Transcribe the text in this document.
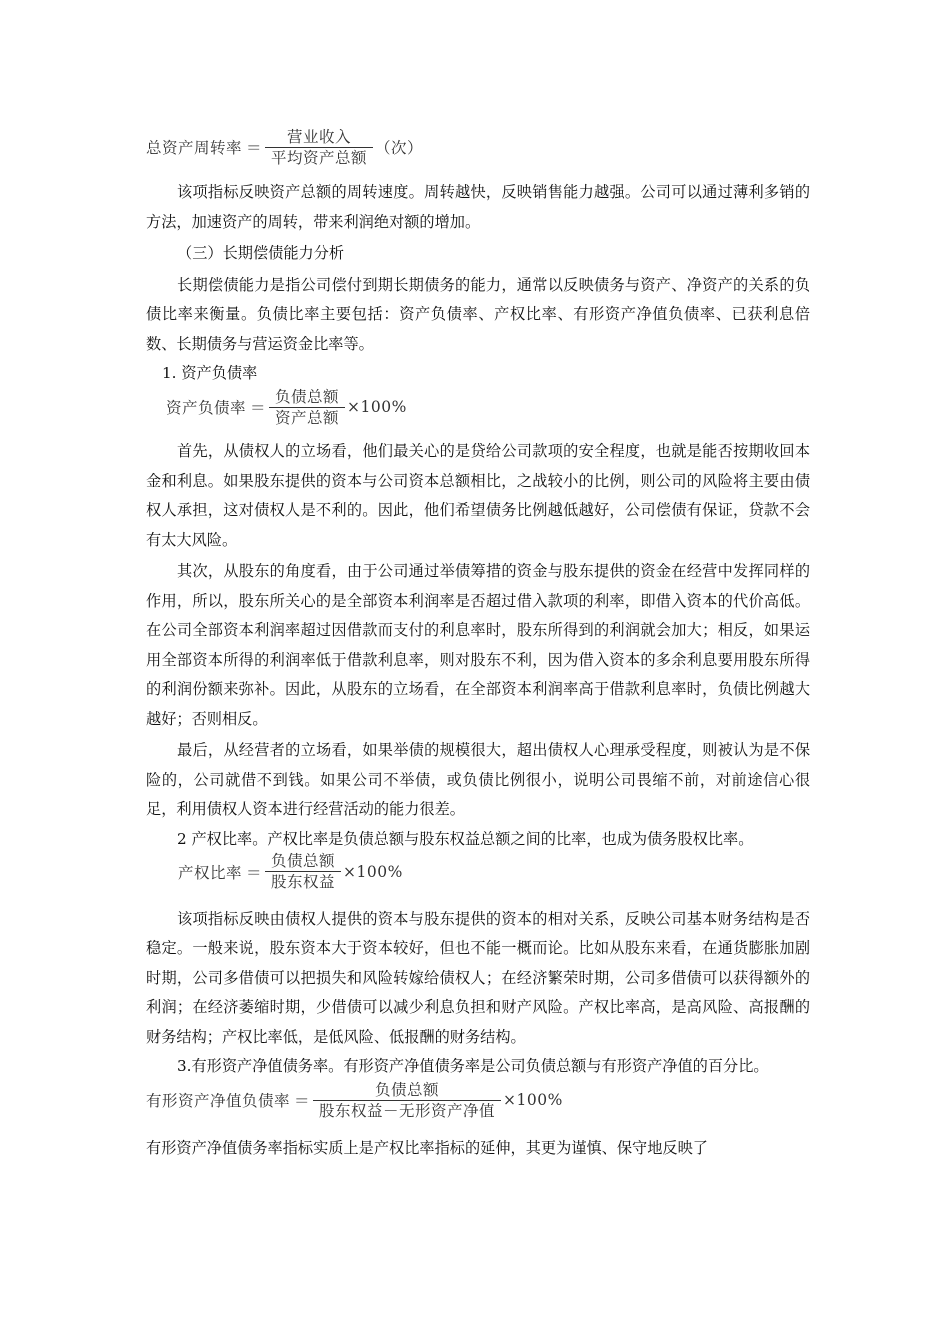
总资产周转率 ＝ $\frac{\text{营业收入}}{\text{平均资产总额}}$ （次）

该项指标反映资产总额的周转速度。周转越快，反映销售能力越强。公司可以通过薄利多销的方法，加速资产的周转，带来利润绝对额的增加。

（三）长期偿债能力分析

长期偿债能力是指公司偿付到期长期债务的能力，通常以反映债务与资产、净资产的关系的负债比率来衡量。负债比率主要包括：资产负债率、产权比率、有形资产净值负债率、已获利息倍数、长期债务与营运资金比率等。

1. 资产负债率

资产负债率 ＝ $\frac{\text{负债总额}}{\text{资产总额}} \times 100\%$

首先，从债权人的立场看，他们最关心的是贷给公司款项的安全程度，也就是能否按期收回本金和利息。如果股东提供的资本与公司资本总额相比，之战较小的比例，则公司的风险将主要由债权人承担，这对债权人是不利的。因此，他们希望债务比例越低越好，公司偿债有保证，贷款不会有太大风险。

其次，从股东的角度看，由于公司通过举债筹措的资金与股东提供的资金在经营中发挥同样的作用，所以，股东所关心的是全部资本利润率是否超过借入款项的利率，即借入资本的代价高低。在公司全部资本利润率超过因借款而支付的利息率时，股东所得到的利润就会加大；相反，如果运用全部资本所得的利润率低于借款利息率，则对股东不利，因为借入资本的多余利息要用股东所得的利润份额来弥补。因此，从股东的立场看，在全部资本利润率高于借款利息率时，负债比例越大越好；否则相反。

最后，从经营者的立场看，如果举债的规模很大，超出债权人心理承受程度，则被认为是不保险的，公司就借不到钱。如果公司不举债，或负债比例很小，说明公司畏缩不前，对前途信心很足，利用债权人资本进行经营活动的能力很差。

2 产权比率。产权比率是负债总额与股东权益总额之间的比率，也成为债务股权比率。

产权比率 ＝ $\frac{\text{负债总额}}{\text{股东权益}} \times 100\%$

该项指标反映由债权人提供的资本与股东提供的资本的相对关系，反映公司基本财务结构是否稳定。一般来说，股东资本大于资本较好，但也不能一概而论。比如从股东来看，在通货膨胀加剧时期，公司多借债可以把损失和风险转嫁给债权人；在经济繁荣时期，公司多借债可以获得额外的利润；在经济萎缩时期，少借债可以减少利息负担和财产风险。产权比率高，是高风险、高报酬的财务结构；产权比率低，是低风险、低报酬的财务结构。

3.有形资产净值债务率。有形资产净值债务率是公司负债总额与有形资产净值的百分比。

有形资产净值负债率 ＝ $\frac{\text{负债总额}}{\text{股东权益－无形资产净值}} \times 100\%$

有形资产净值债务率指标实质上是产权比率指标的延伸，其更为谨慎、保守地反映了
